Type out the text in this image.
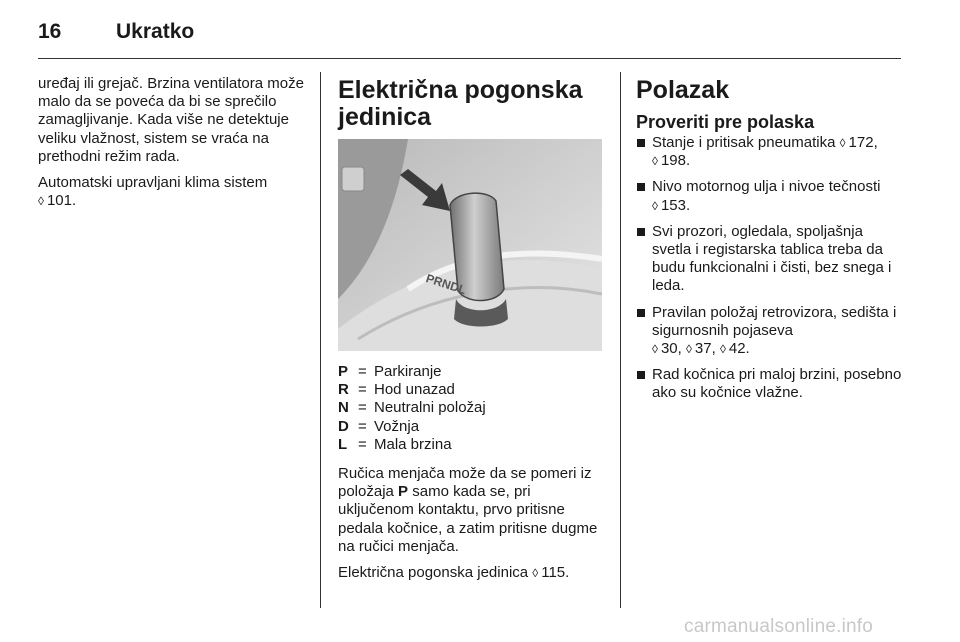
16	Ukratko

uređaj ili grejač. Brzina ventilatora može malo da se poveća da bi se sprečilo zamagljivanje. Kada više ne detektuje veliku vlažnost, sistem se vraća na prethodni režim rada.

Automatski upravljani klima sistem
◊ 101.

Električna pogonska
jedinica
PRNDL
P = Parkiranje
R = Hod unazad
N = Neutralni položaj
D = Vožnja
L = Mala brzina

Ručica menjača može da se pomeri iz položaja P samo kada se, pri uključenom kontaktu, prvo pritisne pedala kočnice, a zatim pritisne dugme na ručici menjača.

Električna pogonska jedinica ◊ 115.

Polazak
Proveriti pre polaska
Stanje i pritisak pneumatika ◊ 172,
◊ 198.
Nivo motornog ulja i nivoe tečnosti
◊ 153.
Svi prozori, ogledala, spoljašnja svetla i registarska tablica treba da budu funkcionalni i čisti, bez snega i leda.
Pravilan položaj retrovizora, sedišta i sigurnosnih pojaseva
◊ 30, ◊ 37, ◊ 42.
Rad kočnica pri maloj brzini, posebno ako su kočnice vlažne.
carmanualsonline.info
